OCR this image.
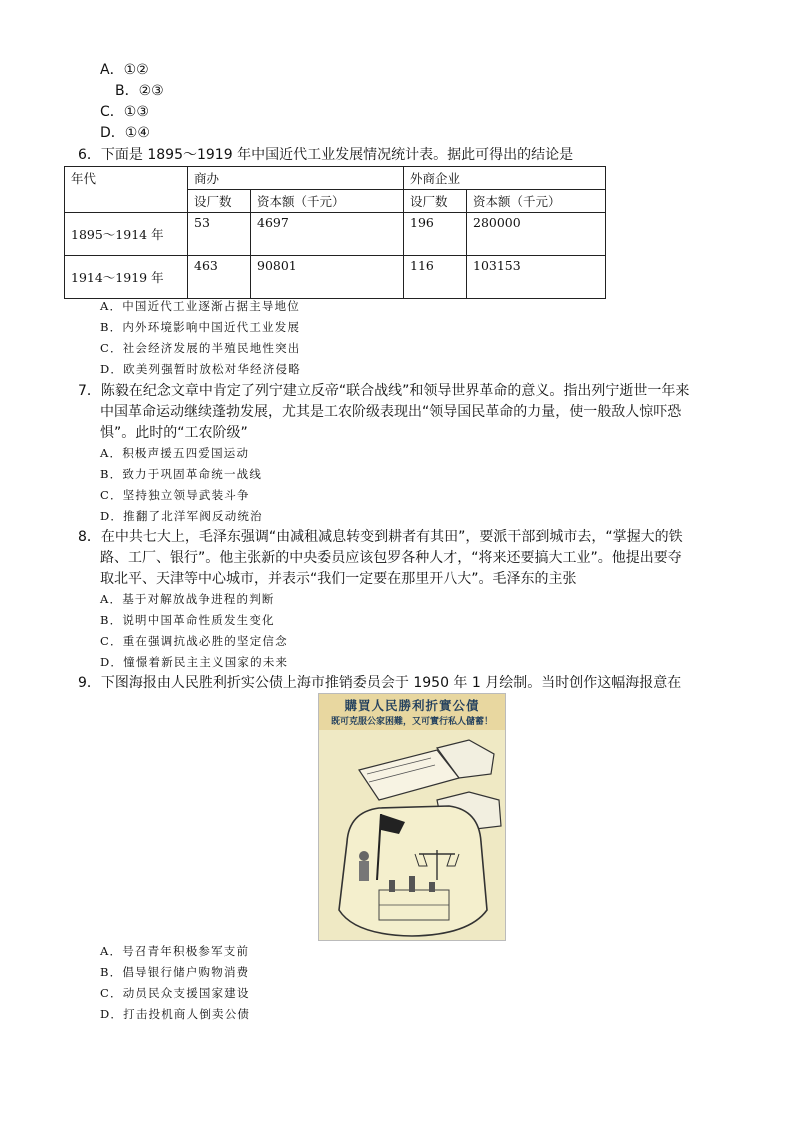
A．①②
B．②③
C．①③
D．①④
6．下面是 1895～1919 年中国近代工业发展情况统计表。据此可得出的结论是
年代	商办		外商企业	
	设厂数	资本额（千元）	设厂数	资本额（千元）
1895～1914 年	53	4697	196	280000
1914～1919 年	463	90801	116	103153
A．中国近代工业逐渐占据主导地位
B．内外环境影响中国近代工业发展
C．社会经济发展的半殖民地性突出
D．欧美列强暂时放松对华经济侵略
7．陈毅在纪念文章中肯定了列宁建立反帝“联合战线”和领导世界革命的意义。指出列宁逝世一年来
中国革命运动继续蓬勃发展，尤其是工农阶级表现出“领导国民革命的力量，使一般敌人惊吓恐
惧”。此时的“工农阶级”
A．积极声援五四爱国运动
B．致力于巩固革命统一战线
C．坚持独立领导武装斗争
D．推翻了北洋军阀反动统治
8．在中共七大上，毛泽东强调“由减租减息转变到耕者有其田”，要派干部到城市去，“掌握大的铁
路、工厂、银行”。他主张新的中央委员应该包罗各种人才，“将来还要搞大工业”。他提出要夺
取北平、天津等中心城市，并表示“我们一定要在那里开八大”。毛泽东的主张
A．基于对解放战争进程的判断
B．说明中国革命性质发生变化
C．重在强调抗战必胜的坚定信念
D．憧憬着新民主主义国家的未来
9．下图海报由人民胜利折实公债上海市推销委员会于 1950 年 1 月绘制。当时创作这幅海报意在
購買人民勝利折實公債
既可克服公家困難，又可實行私人儲蓄！
A．号召青年积极参军支前
B．倡导银行储户购物消费
C．动员民众支援国家建设
D．打击投机商人倒卖公债
